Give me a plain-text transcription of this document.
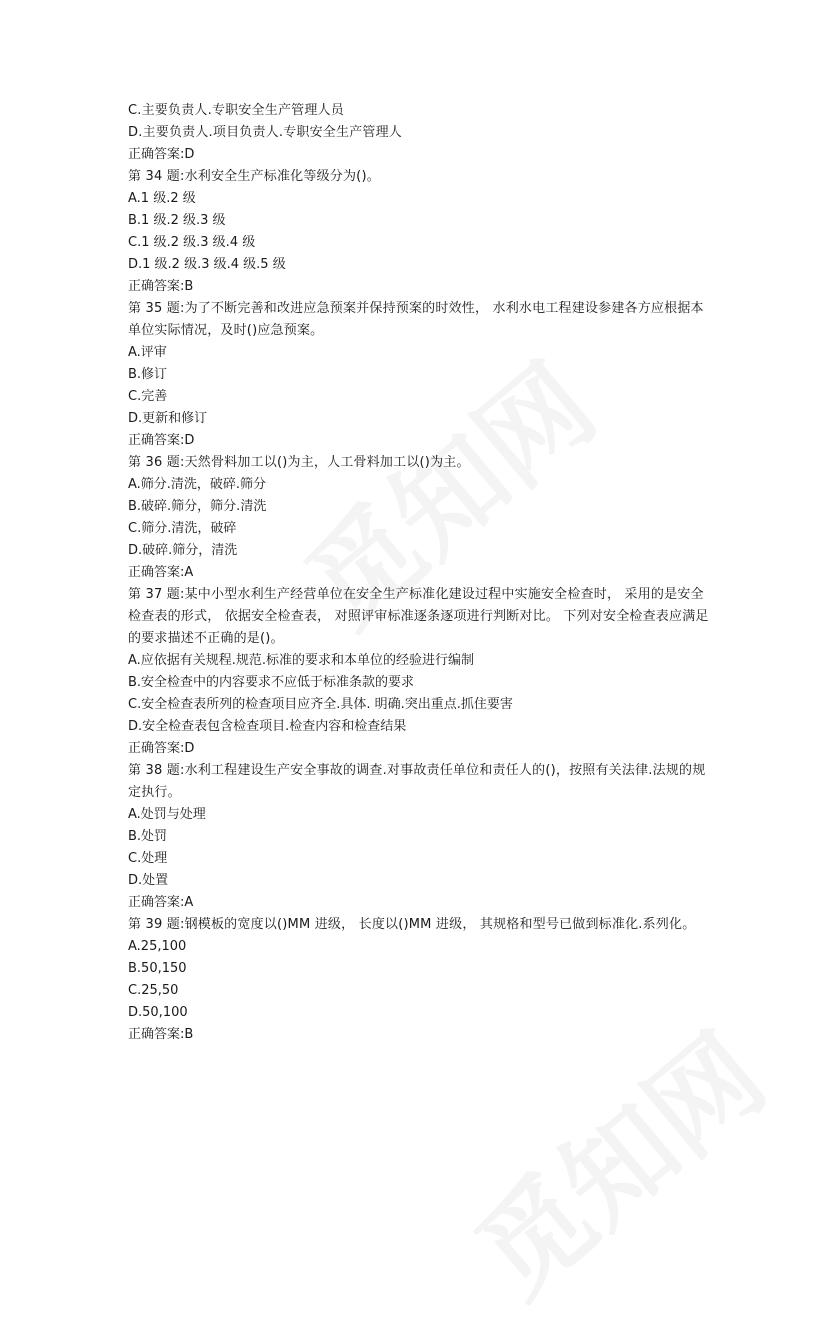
C.主要负责人.专职安全生产管理人员
D.主要负责人.项目负责人.专职安全生产管理人
正确答案:D
第 34 题:水利安全生产标准化等级分为()。
A.1 级.2 级
B.1 级.2 级.3 级
C.1 级.2 级.3 级.4 级
D.1 级.2 级.3 级.4 级.5 级
正确答案:B
第 35 题:为了不断完善和改进应急预案并保持预案的时效性， 水利水电工程建设参建各方应根据本单位实际情况，及时()应急预案。
A.评审
B.修订
C.完善
D.更新和修订
正确答案:D
第 36 题:天然骨料加工以()为主，人工骨料加工以()为主。
A.筛分.清洗，破碎.筛分
B.破碎.筛分，筛分.清洗
C.筛分.清洗，破碎
D.破碎.筛分，清洗
正确答案:A
第 37 题:某中小型水利生产经营单位在安全生产标准化建设过程中实施安全检查时， 采用的是安全检查表的形式， 依据安全检查表， 对照评审标准逐条逐项进行判断对比。 下列对安全检查表应满足的要求描述不正确的是()。
A.应依据有关规程.规范.标准的要求和本单位的经验进行编制
B.安全检查中的内容要求不应低于标准条款的要求
C.安全检查表所列的检查项目应齐全.具体. 明确.突出重点.抓住要害
D.安全检查表包含检查项目.检查内容和检查结果
正确答案:D
第 38 题:水利工程建设生产安全事故的调查.对事故责任单位和责任人的()，按照有关法律.法规的规定执行。
A.处罚与处理
B.处罚
C.处理
D.处置
正确答案:A
第 39 题:钢模板的宽度以()MM 进级， 长度以()MM 进级， 其规格和型号已做到标准化.系列化。
A.25,100
B.50,150
C.25,50
D.50,100
正确答案:B
